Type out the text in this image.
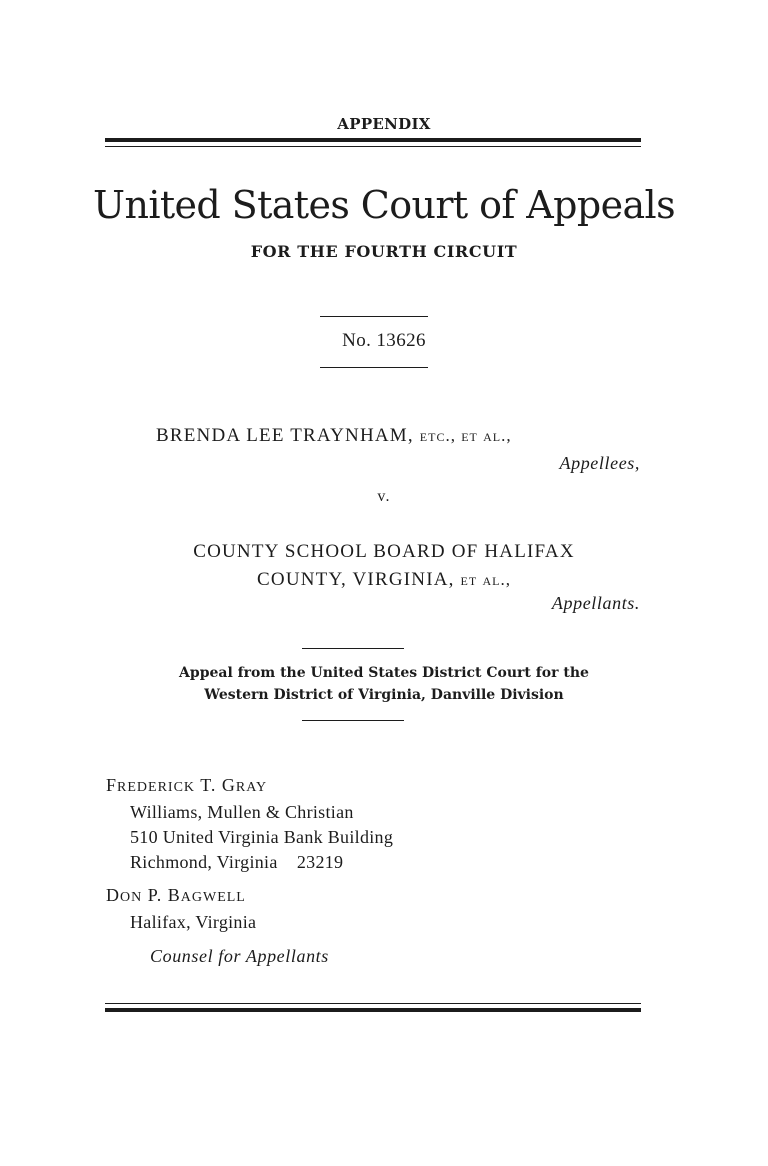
APPENDIX
United States Court of Appeals
FOR THE FOURTH CIRCUIT
No. 13626
BRENDA LEE TRAYNHAM, etc., et al.,
Appellees,
v.
COUNTY SCHOOL BOARD OF HALIFAX
COUNTY, VIRGINIA, et al.,
Appellants.
Appeal from the United States District Court for the
Western District of Virginia, Danville Division
FREDERICK T. GRAY
Williams, Mullen & Christian
510 United Virginia Bank Building
Richmond, Virginia    23219
DON P. BAGWELL
Halifax, Virginia
Counsel for Appellants
